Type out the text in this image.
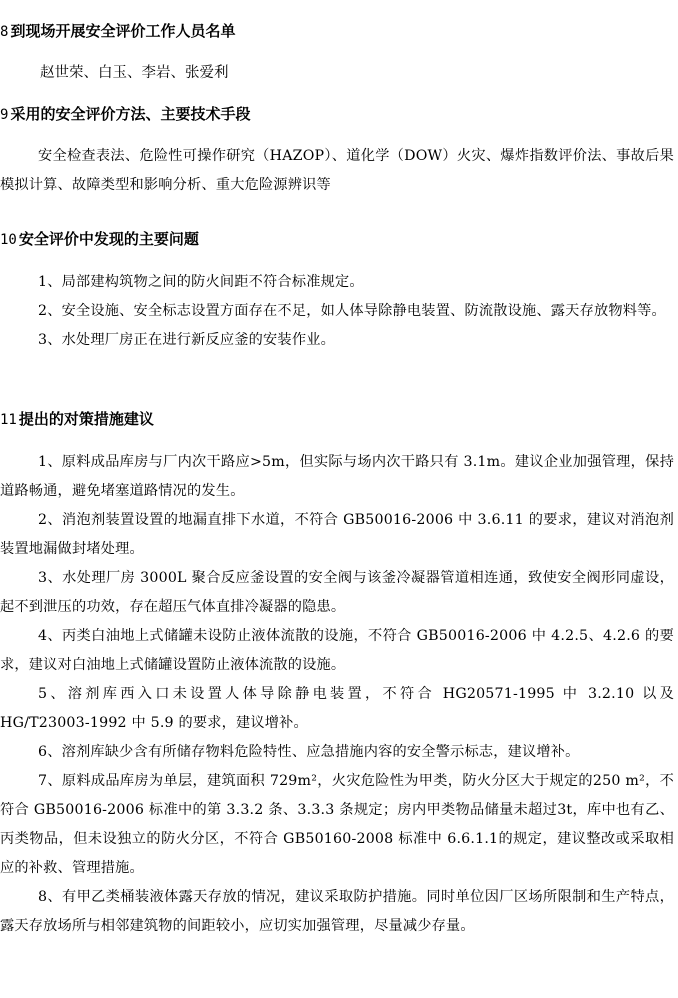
8 到现场开展安全评价工作人员名单
赵世荣、白玉、李岩、张爱利
9 采用的安全评价方法、主要技术手段

安全检查表法、危险性可操作研究（HAZOP）、道化学（DOW）火灾、爆炸指数评价法、事故后果模拟计算、故障类型和影响分析、重大危险源辨识等

10 安全评价中发现的主要问题

1、局部建构筑物之间的防火间距不符合标准规定。

2、安全设施、安全标志设置方面存在不足，如人体导除静电装置、防流散设施、露天存放物料等。

3、水处理厂房正在进行新反应釜的安装作业。

11 提出的对策措施建议

1、原料成品库房与厂内次干路应>5m，但实际与场内次干路只有 3.1m。建议企业加强管理，保持道路畅通，避免堵塞道路情况的发生。

2、消泡剂装置设置的地漏直排下水道，不符合 GB50016-2006 中 3.6.11 的要求，建议对消泡剂装置地漏做封堵处理。

3、水处理厂房 3000L 聚合反应釜设置的安全阀与该釜冷凝器管道相连通，致使安全阀形同虚设，起不到泄压的功效，存在超压气体直排冷凝器的隐患。

4、丙类白油地上式储罐未设防止液体流散的设施，不符合 GB50016-2006 中 4.2.5、4.2.6 的要求，建议对白油地上式储罐设置防止液体流散的设施。

5、溶剂库西入口未设置人体导除静电装置，不符合 HG20571-1995 中 3.2.10 以及HG/T23003-1992 中 5.9 的要求，建议增补。

6、溶剂库缺少含有所储存物料危险特性、应急措施内容的安全警示标志，建议增补。

7、原料成品库房为单层，建筑面积 729m²，火灾危险性为甲类，防火分区大于规定的250 m²，不符合 GB50016-2006 标准中的第 3.3.2 条、3.3.3 条规定；房内甲类物品储量未超过3t，库中也有乙、丙类物品，但未设独立的防火分区，不符合 GB50160-2008 标准中 6.6.1.1的规定，建议整改或采取相应的补救、管理措施。

8、有甲乙类桶装液体露天存放的情况，建议采取防护措施。同时单位因厂区场所限制和生产特点，露天存放场所与相邻建筑物的间距较小，应切实加强管理，尽量减少存量。
